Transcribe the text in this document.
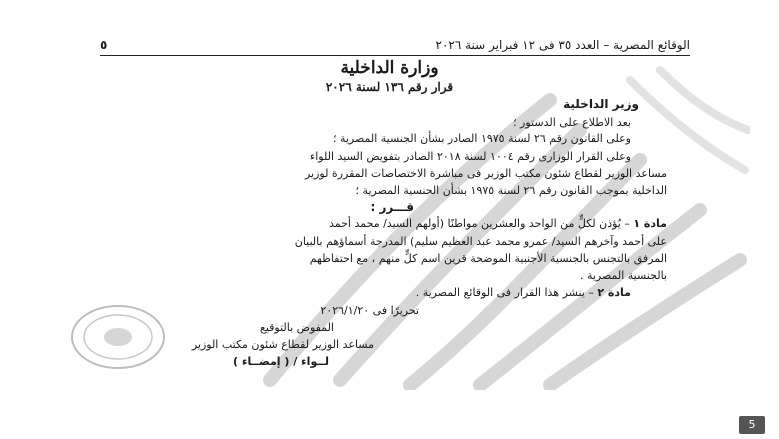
٥	الوقائع المصرية – العدد ٣٥ فى ١٢ فبراير سنة ٢٠٢٦
وزارة الداخلية
قرار رقم ١٣٦ لسنة ٢٠٢٦
وزير الداخلية
بعد الاطلاع على الدستور ؛
وعلى القانون رقم ٢٦ لسنة ١٩٧٥ الصادر بشأن الجنسية المصرية ؛
وعلى القرار الوزارى رقم ١٠٠٤ لسنة ٢٠١٨ الصادر بتفويض السيد اللواء
مساعد الوزير لقطاع شئون مكتب الوزير فى مباشرة الاختصاصات المقررة لوزير
الداخلية بموجب القانون رقم ٢٦ لسنة ١٩٧٥ بشأن الجنسية المصرية ؛
قـــرر :
مادة ١ – يُؤذن لكلٍّ من الواحد والعشرين مواطنًا (أولهم السيد/ محمد أحمد
على أحمد وآخرهم السيد/ عمرو محمد عبد العظيم سليم) المدرجة أسماؤهم بالبيان
المرفق بالتجنس بالجنسية الأجنبية الموضحة قرين اسم كلٍّ منهم ، مع احتفاظهم
بالجنسية المصرية .
مادة ٢ – ينشر هذا القرار فى الوقائع المصرية .
تحريرًا فى ٢٠٢٦/١/٢٠
المفوض بالتوقيع
مساعد الوزير لقطاع شئون مكتب الوزير
لــواء / ( إمضــاء )
5
